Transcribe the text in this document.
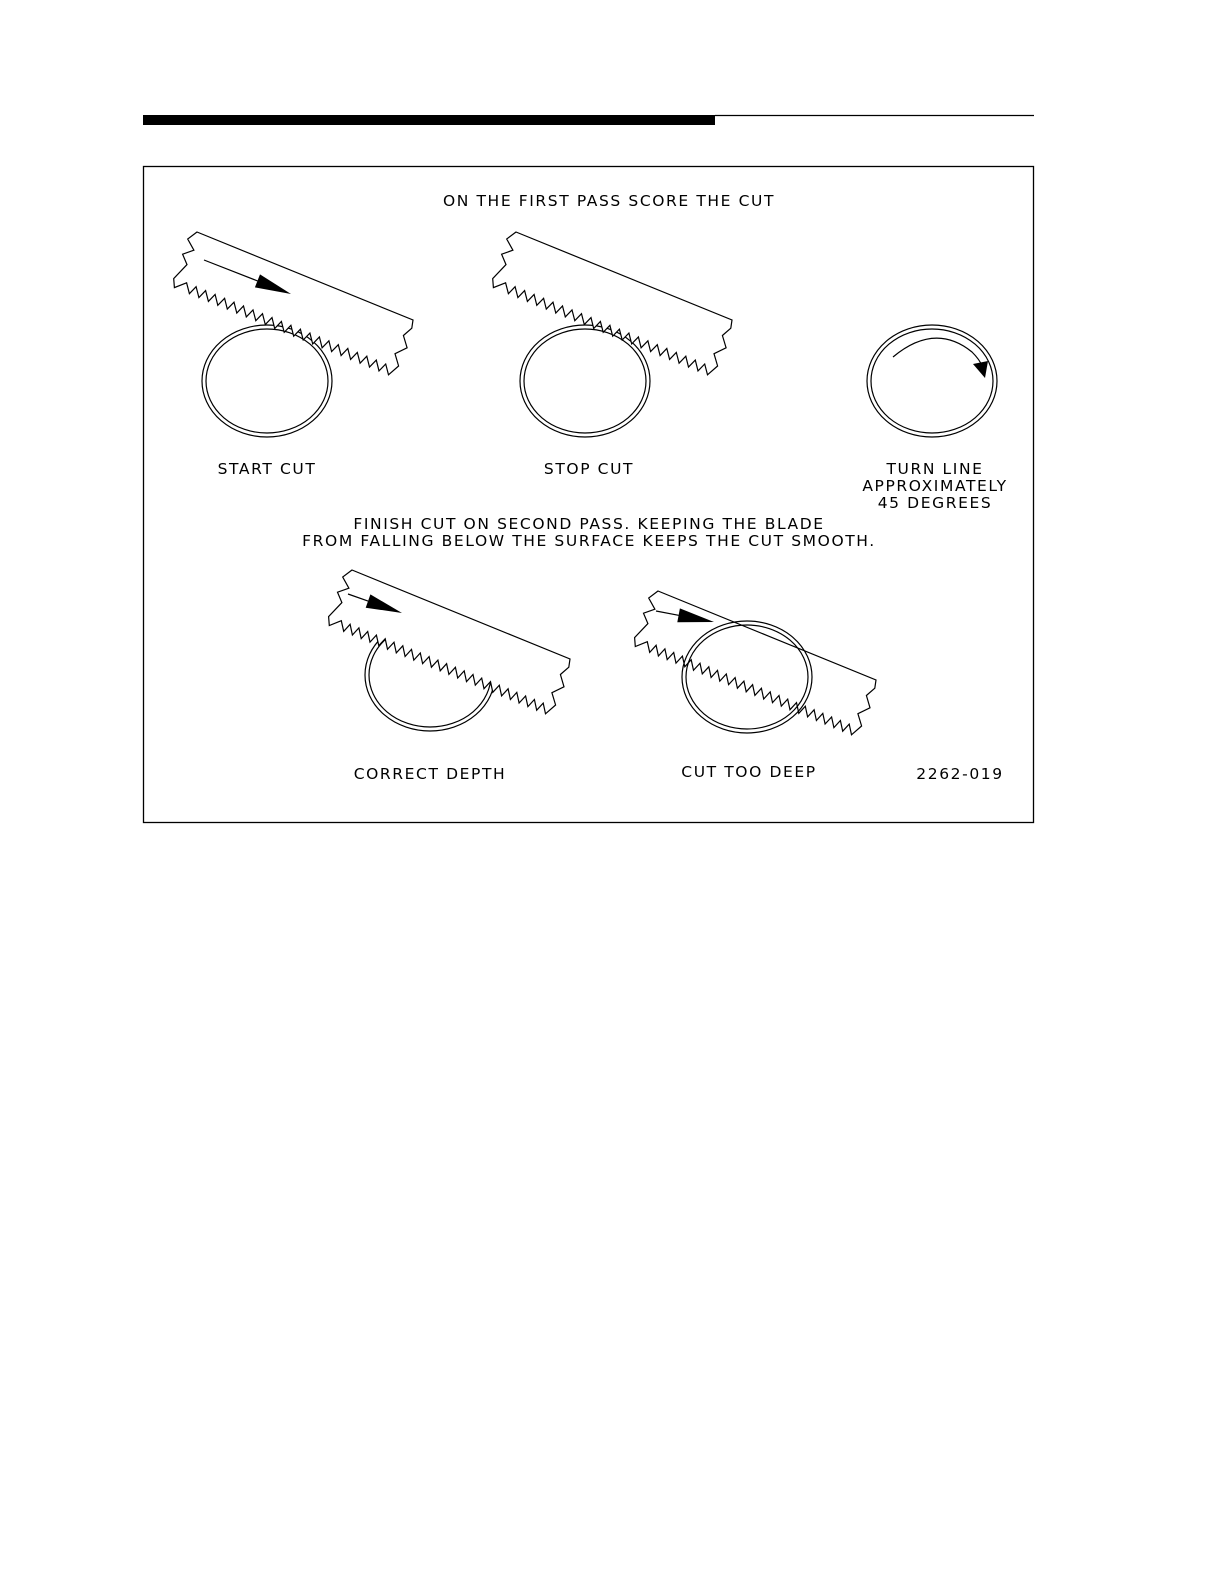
ON THE FIRST PASS SCORE THE CUT
START CUT	STOP CUT	TURN LINE
APPROXIMATELY
45 DEGREES
FINISH CUT ON SECOND PASS. KEEPING THE BLADE
FROM FALLING BELOW THE SURFACE KEEPS THE CUT SMOOTH.
CORRECT DEPTH	CUT TOO DEEP	2262-019
